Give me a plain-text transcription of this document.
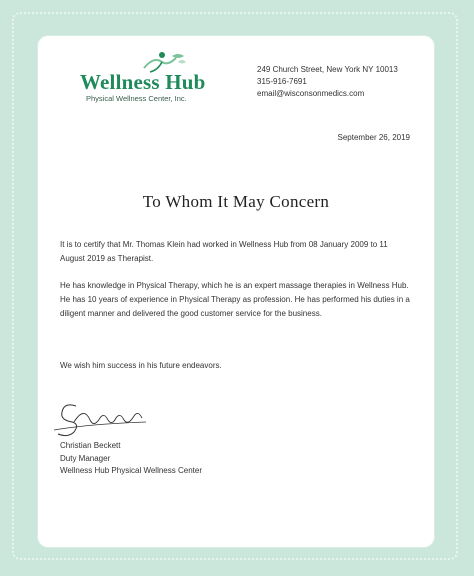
Wellness Hub
Physical Wellness Center, Inc.
249 Church Street, New York NY 10013
315-916-7691
email@wisconsonmedics.com
September 26, 2019
To Whom It May Concern
It is to certify that Mr. Thomas Klein had worked in Wellness Hub from 08 January 2009 to 11 August 2019 as Therapist.
He has knowledge in Physical Therapy, which he is an expert massage therapies in Wellness Hub. He has 10 years of experience in Physical Therapy as profession. He has performed his duties in a diligent manner and delivered the good customer service for the business.
We wish him success in his future endeavors.
Christian Beckett
Duty Manager
Wellness Hub Physical Wellness Center
